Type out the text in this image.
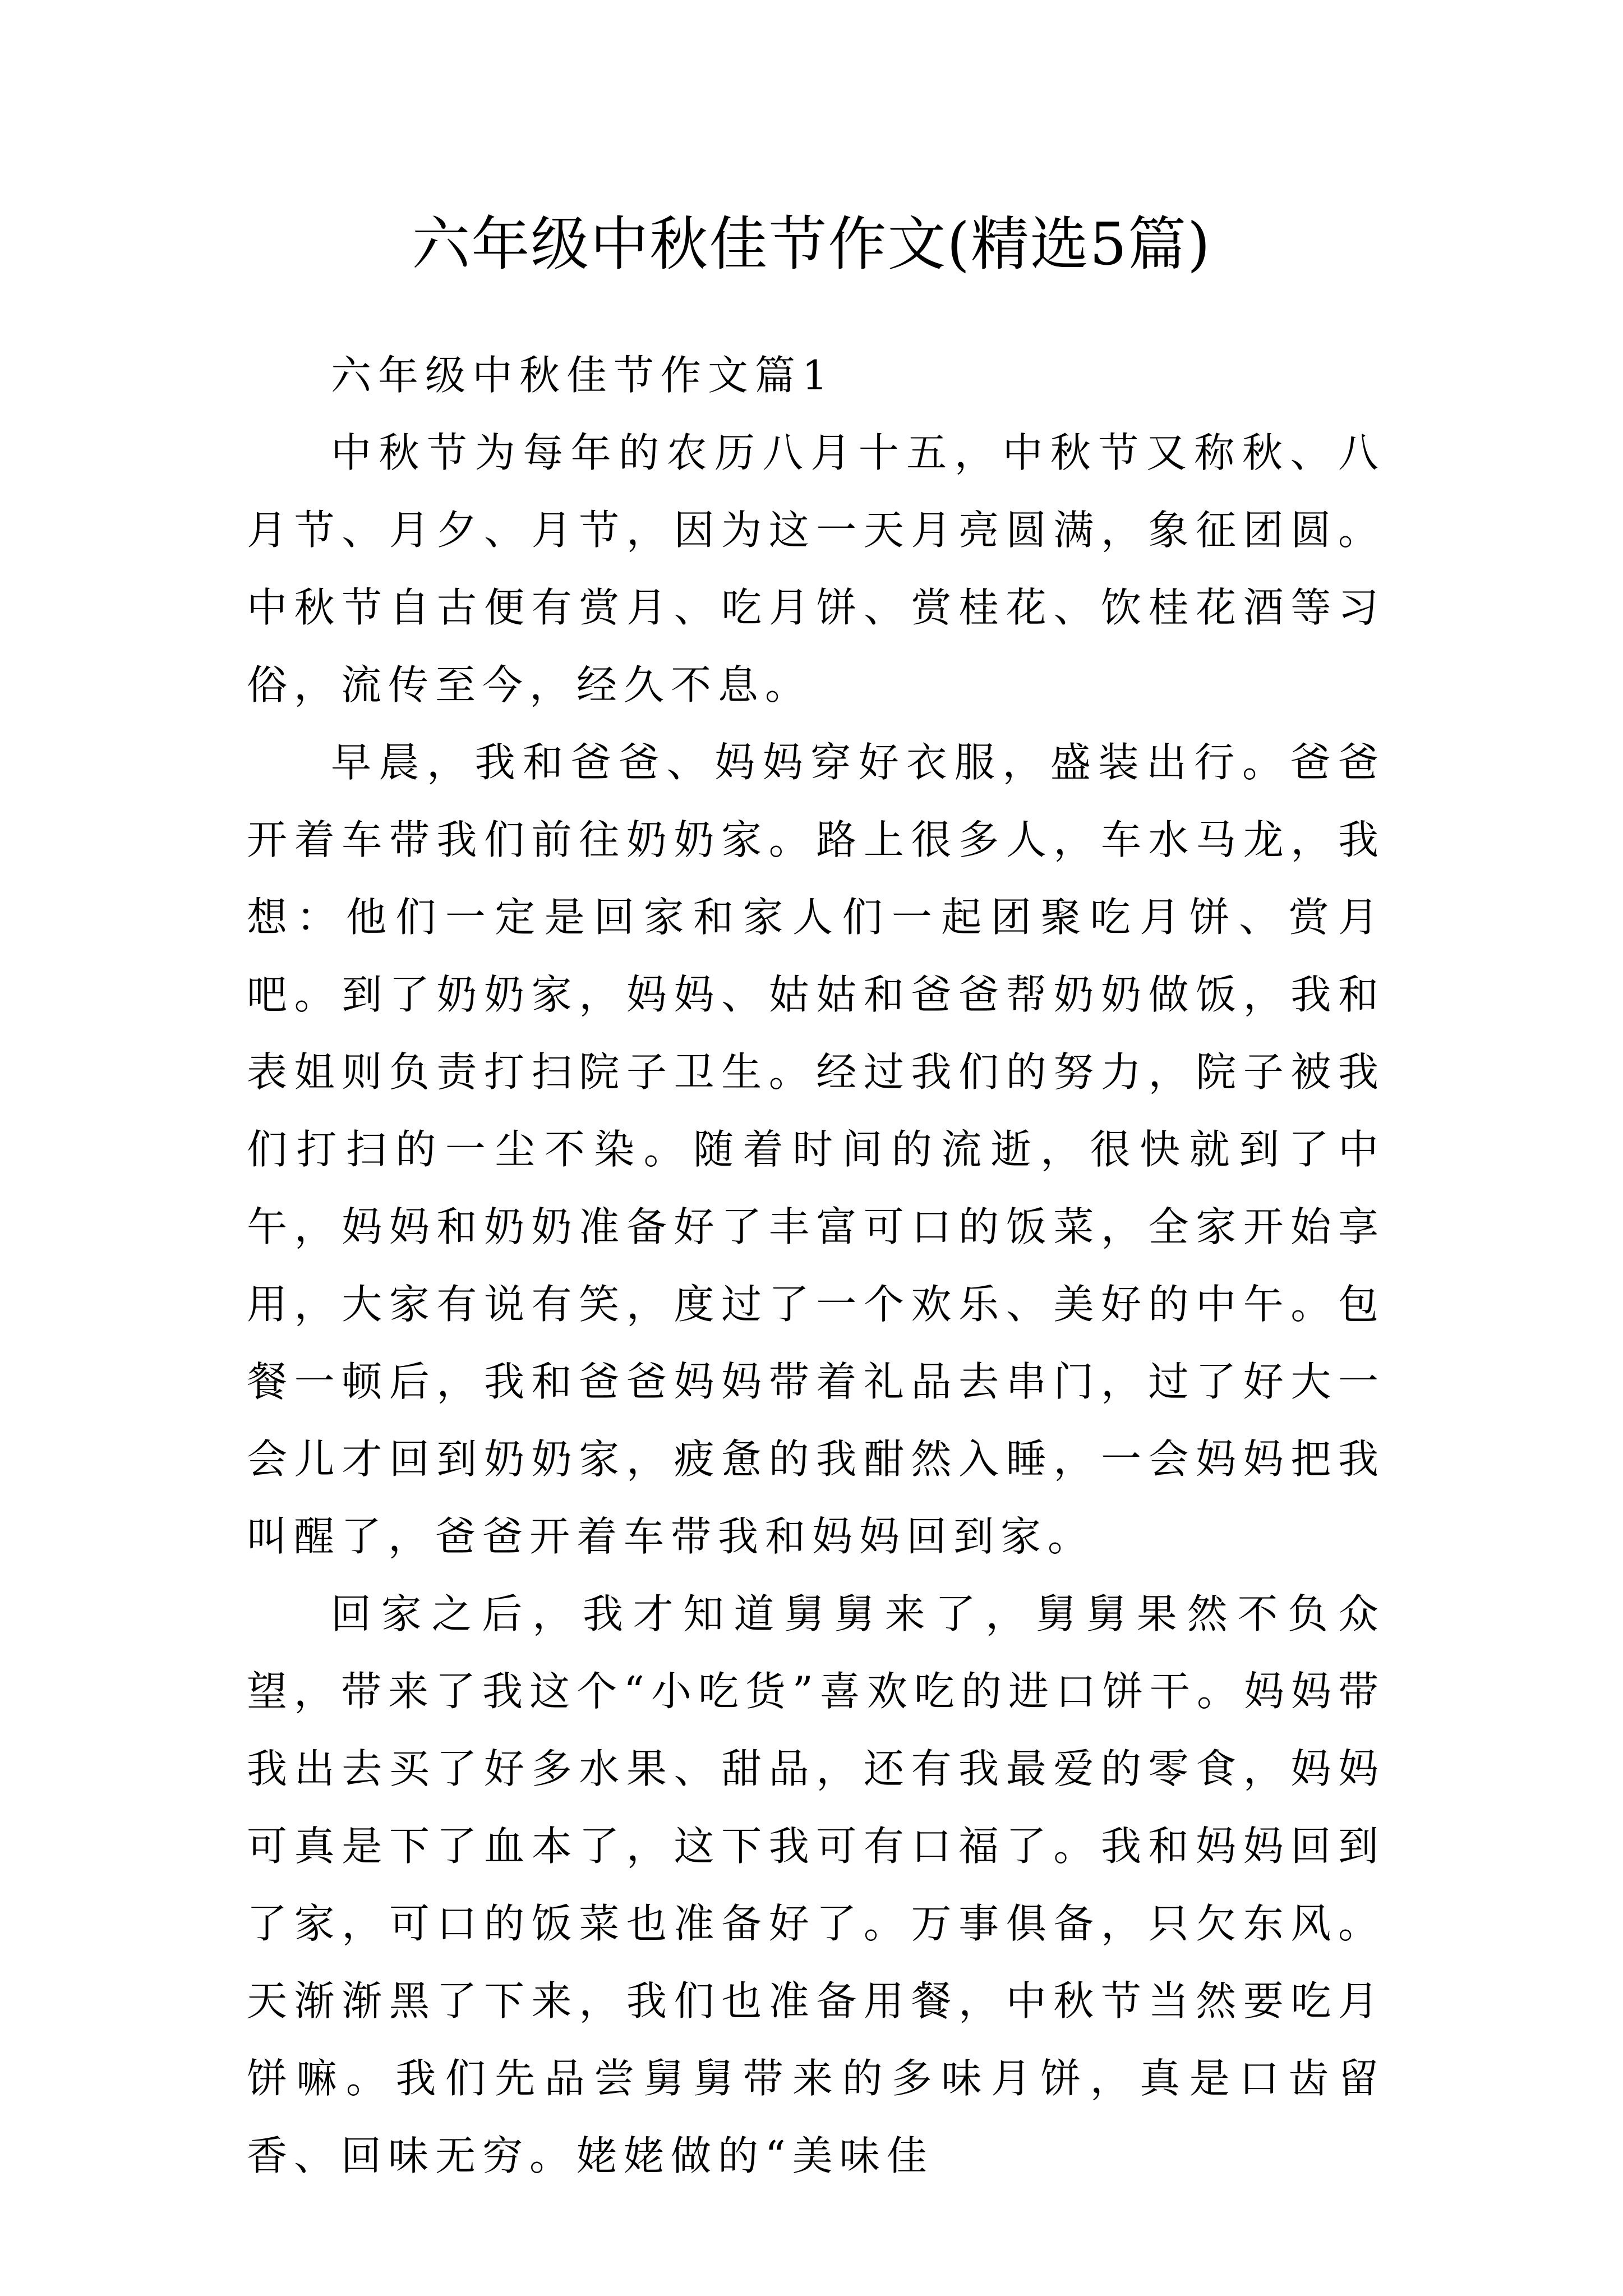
六年级中秋佳节作文(精选5篇)
六年级中秋佳节作文篇1

中秋节为每年的农历八月十五，中秋节又称秋、八月节、月夕、月节，因为这一天月亮圆满，象征团圆。中秋节自古便有赏月、吃月饼、赏桂花、饮桂花酒等习俗，流传至今，经久不息。

早晨，我和爸爸、妈妈穿好衣服，盛装出行。爸爸开着车带我们前往奶奶家。路上很多人，车水马龙，我想：他们一定是回家和家人们一起团聚吃月饼、赏月吧。到了奶奶家，妈妈、姑姑和爸爸帮奶奶做饭，我和表姐则负责打扫院子卫生。经过我们的努力，院子被我们打扫的一尘不染。随着时间的流逝，很快就到了中午，妈妈和奶奶准备好了丰富可口的饭菜，全家开始享用，大家有说有笑，度过了一个欢乐、美好的中午。包餐一顿后，我和爸爸妈妈带着礼品去串门，过了好大一会儿才回到奶奶家，疲惫的我酣然入睡，一会妈妈把我叫醒了，爸爸开着车带我和妈妈回到家。

回家之后，我才知道舅舅来了，舅舅果然不负众望，带来了我这个“小吃货”喜欢吃的进口饼干。妈妈带我出去买了好多水果、甜品，还有我最爱的零食，妈妈可真是下了血本了，这下我可有口福了。我和妈妈回到了家，可口的饭菜也准备好了。万事俱备，只欠东风。天渐渐黑了下来，我们也准备用餐，中秋节当然要吃月饼嘛。我们先品尝舅舅带来的多味月饼，真是口齿留香、回味无穷。姥姥做的“美味佳
